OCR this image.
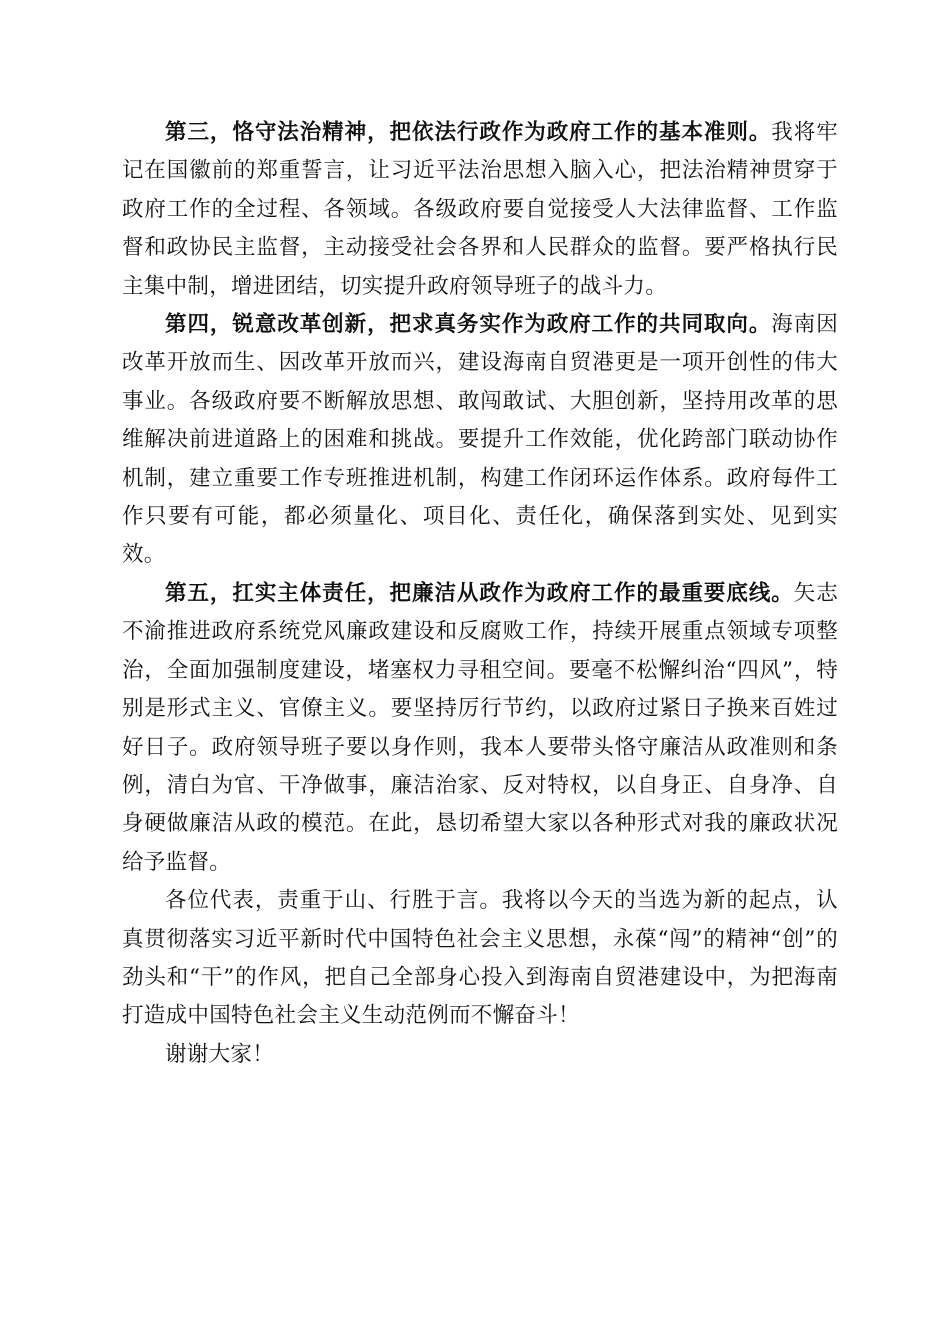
第三，恪守法治精神，把依法行政作为政府工作的基本准则。我将牢记在国徽前的郑重誓言，让习近平法治思想入脑入心，把法治精神贯穿于政府工作的全过程、各领域。各级政府要自觉接受人大法律监督、工作监督和政协民主监督，主动接受社会各界和人民群众的监督。要严格执行民主集中制，增进团结，切实提升政府领导班子的战斗力。

第四，锐意改革创新，把求真务实作为政府工作的共同取向。海南因改革开放而生、因改革开放而兴，建设海南自贸港更是一项开创性的伟大事业。各级政府要不断解放思想、敢闯敢试、大胆创新，坚持用改革的思维解决前进道路上的困难和挑战。要提升工作效能，优化跨部门联动协作机制，建立重要工作专班推进机制，构建工作闭环运作体系。政府每件工作只要有可能，都必须量化、项目化、责任化，确保落到实处、见到实效。

第五，扛实主体责任，把廉洁从政作为政府工作的最重要底线。矢志不渝推进政府系统党风廉政建设和反腐败工作，持续开展重点领域专项整治，全面加强制度建设，堵塞权力寻租空间。要毫不松懈纠治“四风”，特别是形式主义、官僚主义。要坚持厉行节约，以政府过紧日子换来百姓过好日子。政府领导班子要以身作则，我本人要带头恪守廉洁从政准则和条例，清白为官、干净做事，廉洁治家、反对特权，以自身正、自身净、自身硬做廉洁从政的模范。在此，恳切希望大家以各种形式对我的廉政状况给予监督。

各位代表，责重于山、行胜于言。我将以今天的当选为新的起点，认真贯彻落实习近平新时代中国特色社会主义思想，永葆“闯”的精神“创”的劲头和“干”的作风，把自己全部身心投入到海南自贸港建设中，为把海南打造成中国特色社会主义生动范例而不懈奋斗！

谢谢大家！
